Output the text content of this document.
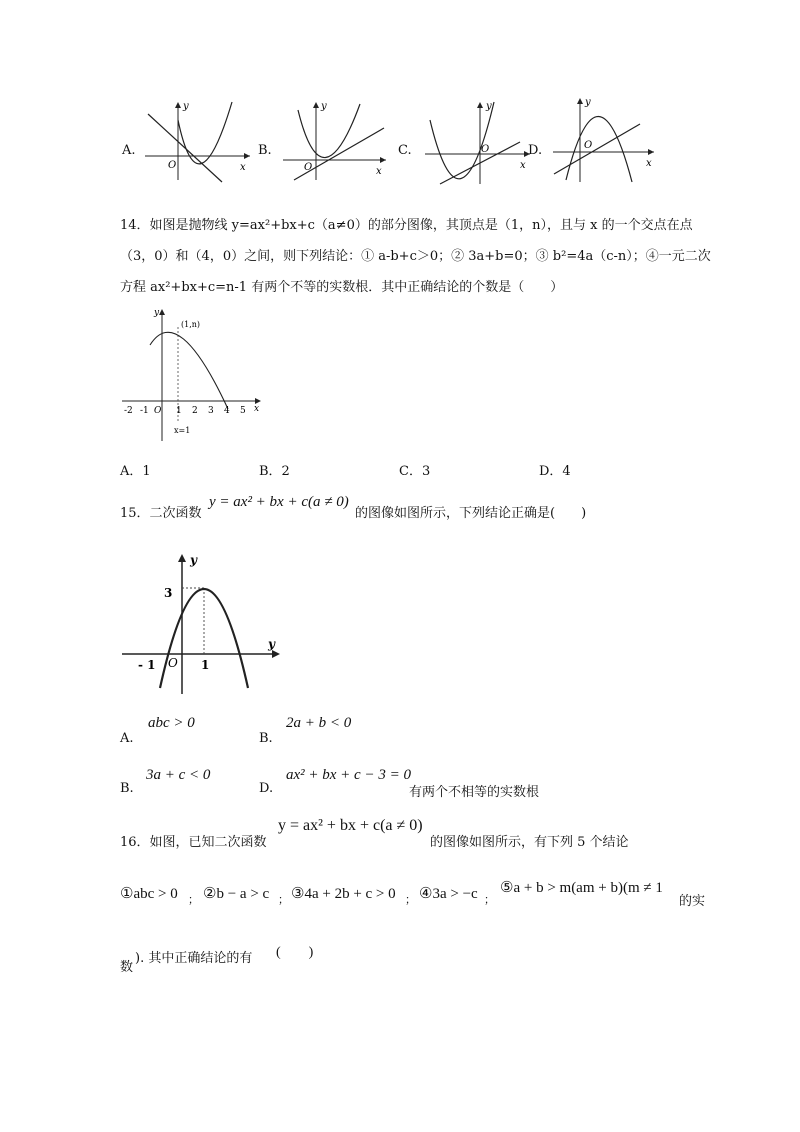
A.
y
x
O
B.
y
x
O
C.
y
x
O	D.
y
x
O
14．如图是抛物线 y=ax²+bx+c（a≠0）的部分图像，其顶点是（1，n），且与 x 的一个交点在点
（3，0）和（4，0）之间，则下列结论：① a-b+c＞0；② 3a+b=0；③ b²=4a（c-n）；④一元二次
方程 ax²+bx+c=n-1 有两个不等的实数根．其中正确结论的个数是（　　）
y
x
(1,n)
x=1
-2 -1 O 1 2 3 4 5
A．1	B．2	C．3	D．4
15．二次函数
y = ax² + bx + c(a ≠ 0)
的图像如图所示，下列结论正确是(　　)
y
y
3
- 1 O 1
A.
abc > 0
B.
2a + b < 0
B.
3a + c < 0
D.
ax² + bx + c − 3 = 0
有两个不相等的实数根
16．如图，已知二次函数
y = ax² + bx + c(a ≠ 0)
的图像如图所示，有下列 5 个结论
①abc > 0 ； ②b − a > c ； ③4a + 2b + c > 0 ； ④3a > −c ；
⑤a + b > m(am + b)(m ≠ 1
的实
数
). 其中正确结论的有 (　　)
